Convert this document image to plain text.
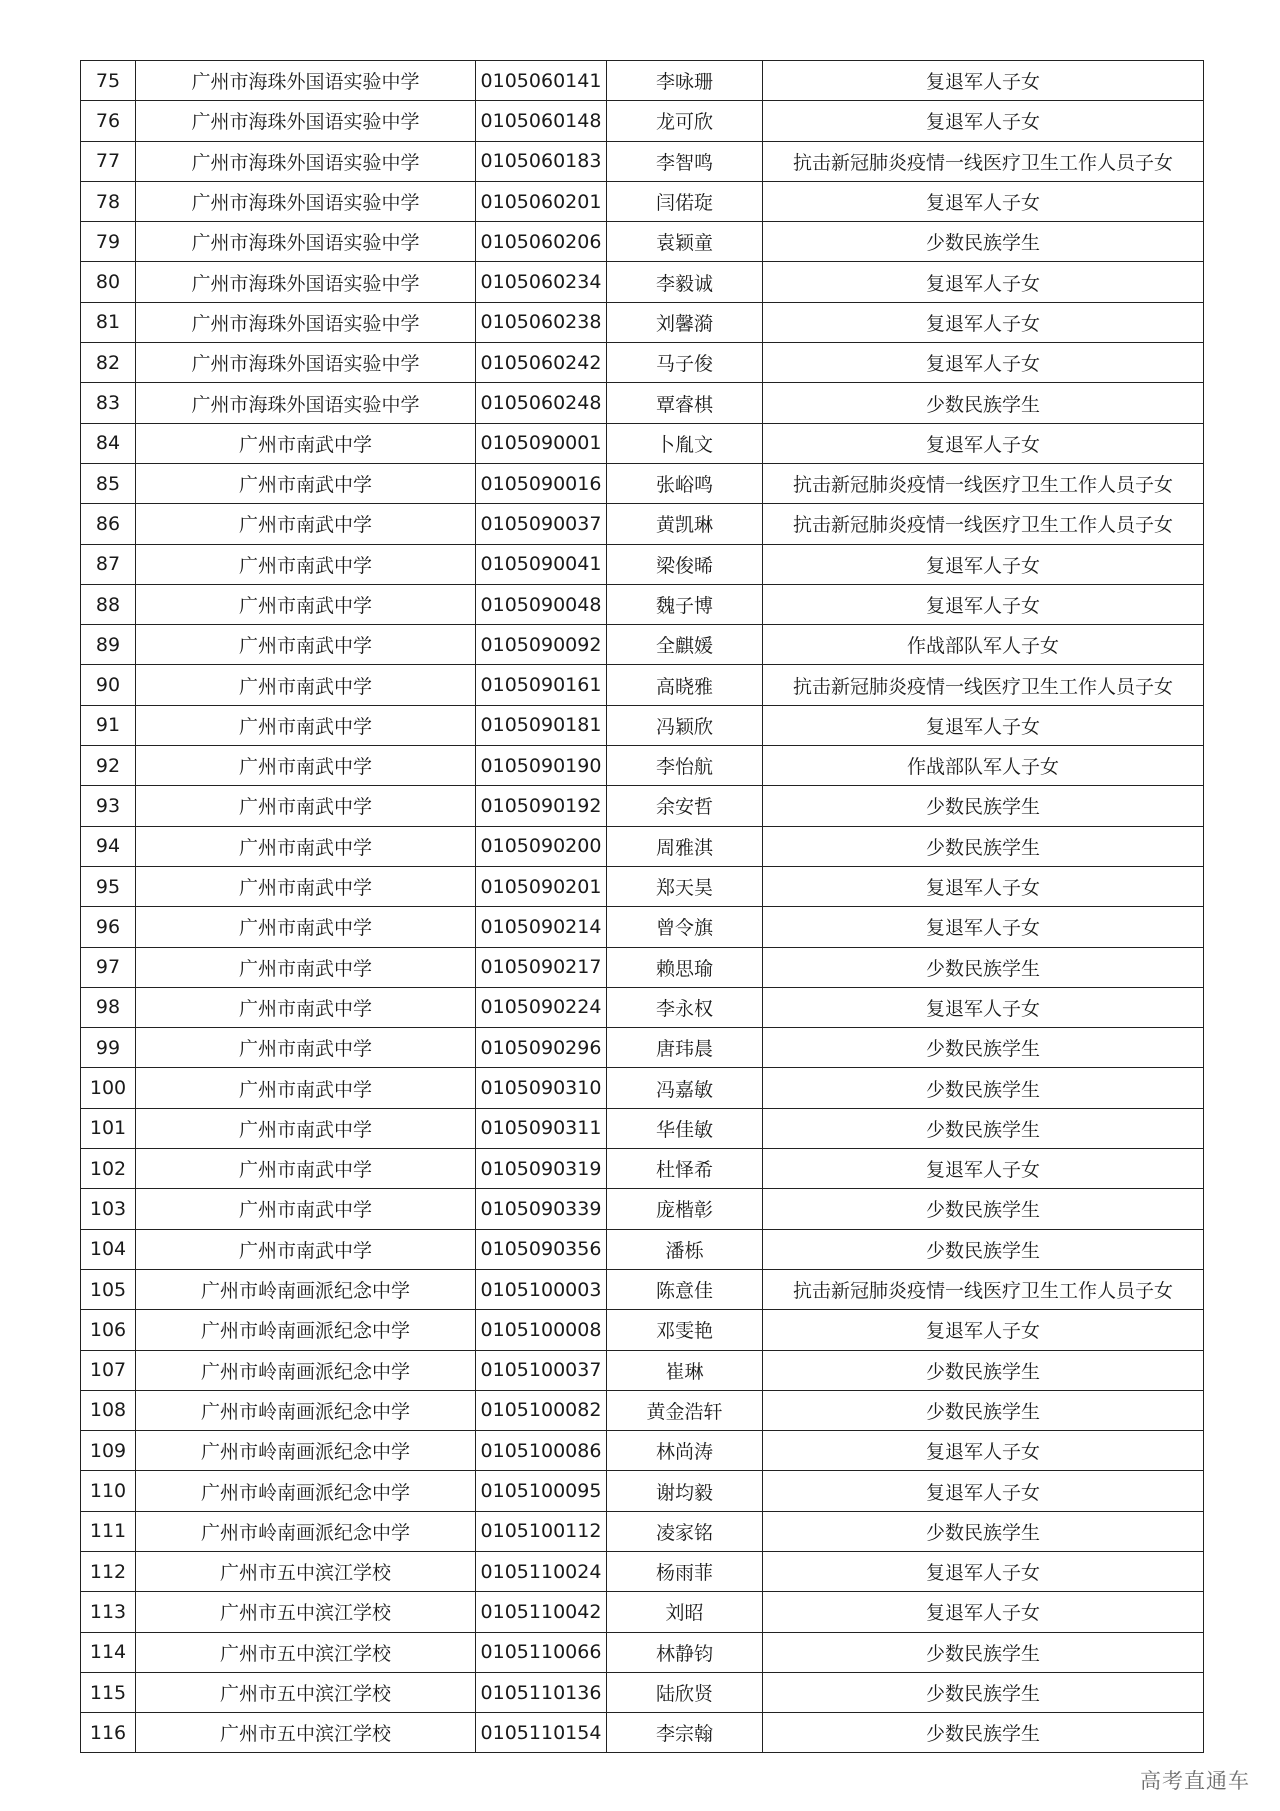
75	广州市海珠外国语实验中学	0105060141	李咏珊	复退军人子女
76	广州市海珠外国语实验中学	0105060148	龙可欣	复退军人子女
77	广州市海珠外国语实验中学	0105060183	李智鸣	抗击新冠肺炎疫情一线医疗卫生工作人员子女
78	广州市海珠外国语实验中学	0105060201	闫偌琁	复退军人子女
79	广州市海珠外国语实验中学	0105060206	袁颖童	少数民族学生
80	广州市海珠外国语实验中学	0105060234	李毅诚	复退军人子女
81	广州市海珠外国语实验中学	0105060238	刘馨漪	复退军人子女
82	广州市海珠外国语实验中学	0105060242	马子俊	复退军人子女
83	广州市海珠外国语实验中学	0105060248	覃睿棋	少数民族学生
84	广州市南武中学	0105090001	卜胤文	复退军人子女
85	广州市南武中学	0105090016	张峪鸣	抗击新冠肺炎疫情一线医疗卫生工作人员子女
86	广州市南武中学	0105090037	黄凯琳	抗击新冠肺炎疫情一线医疗卫生工作人员子女
87	广州市南武中学	0105090041	梁俊晞	复退军人子女
88	广州市南武中学	0105090048	魏子博	复退军人子女
89	广州市南武中学	0105090092	全麒媛	作战部队军人子女
90	广州市南武中学	0105090161	高晓雅	抗击新冠肺炎疫情一线医疗卫生工作人员子女
91	广州市南武中学	0105090181	冯颖欣	复退军人子女
92	广州市南武中学	0105090190	李怡航	作战部队军人子女
93	广州市南武中学	0105090192	余安哲	少数民族学生
94	广州市南武中学	0105090200	周雅淇	少数民族学生
95	广州市南武中学	0105090201	郑天昊	复退军人子女
96	广州市南武中学	0105090214	曾令旗	复退军人子女
97	广州市南武中学	0105090217	赖思瑜	少数民族学生
98	广州市南武中学	0105090224	李永权	复退军人子女
99	广州市南武中学	0105090296	唐玮晨	少数民族学生
100	广州市南武中学	0105090310	冯嘉敏	少数民族学生
101	广州市南武中学	0105090311	华佳敏	少数民族学生
102	广州市南武中学	0105090319	杜怿希	复退军人子女
103	广州市南武中学	0105090339	庞楷彰	少数民族学生
104	广州市南武中学	0105090356	潘栎	少数民族学生
105	广州市岭南画派纪念中学	0105100003	陈意佳	抗击新冠肺炎疫情一线医疗卫生工作人员子女
106	广州市岭南画派纪念中学	0105100008	邓雯艳	复退军人子女
107	广州市岭南画派纪念中学	0105100037	崔琳	少数民族学生
108	广州市岭南画派纪念中学	0105100082	黄金浩轩	少数民族学生
109	广州市岭南画派纪念中学	0105100086	林尚涛	复退军人子女
110	广州市岭南画派纪念中学	0105100095	谢均毅	复退军人子女
111	广州市岭南画派纪念中学	0105100112	凌家铭	少数民族学生
112	广州市五中滨江学校	0105110024	杨雨菲	复退军人子女
113	广州市五中滨江学校	0105110042	刘昭	复退军人子女
114	广州市五中滨江学校	0105110066	林静钧	少数民族学生
115	广州市五中滨江学校	0105110136	陆欣贤	少数民族学生
116	广州市五中滨江学校	0105110154	李宗翰	少数民族学生
高考直通车
